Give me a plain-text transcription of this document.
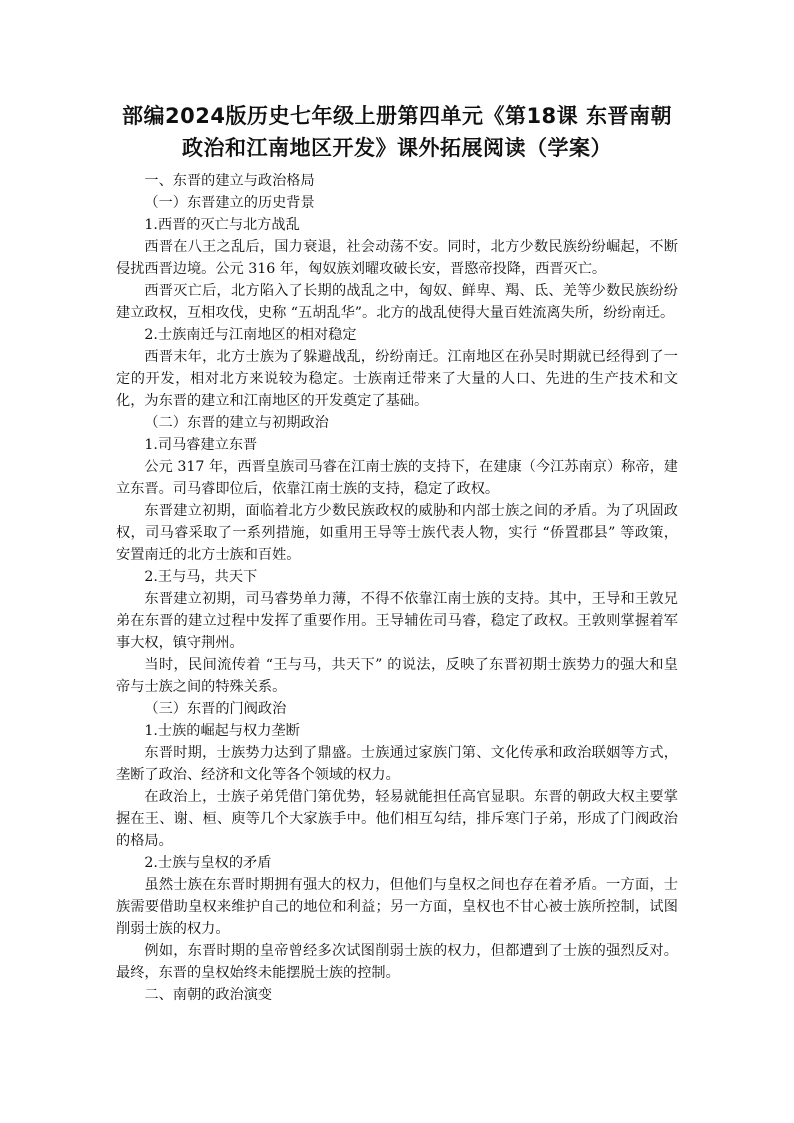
部编2024版历史七年级上册第四单元《第18课 东晋南朝政治和江南地区开发》课外拓展阅读（学案）
一、东晋的建立与政治格局
（一）东晋建立的历史背景
1.西晋的灭亡与北方战乱

西晋在八王之乱后，国力衰退，社会动荡不安。同时，北方少数民族纷纷崛起，不断侵扰西晋边境。公元 316 年，匈奴族刘曜攻破长安，晋愍帝投降，西晋灭亡。

西晋灭亡后，北方陷入了长期的战乱之中，匈奴、鲜卑、羯、氐、羌等少数民族纷纷建立政权，互相攻伐，史称 “五胡乱华”。北方的战乱使得大量百姓流离失所，纷纷南迁。

2.士族南迁与江南地区的相对稳定

西晋末年，北方士族为了躲避战乱，纷纷南迁。江南地区在孙吴时期就已经得到了一定的开发，相对北方来说较为稳定。士族南迁带来了大量的人口、先进的生产技术和文化，为东晋的建立和江南地区的开发奠定了基础。

（二）东晋的建立与初期政治
1.司马睿建立东晋

公元 317 年，西晋皇族司马睿在江南士族的支持下，在建康（今江苏南京）称帝，建立东晋。司马睿即位后，依靠江南士族的支持，稳定了政权。

东晋建立初期，面临着北方少数民族政权的威胁和内部士族之间的矛盾。为了巩固政权，司马睿采取了一系列措施，如重用王导等士族代表人物，实行 “侨置郡县” 等政策，安置南迁的北方士族和百姓。

2.王与马，共天下

东晋建立初期，司马睿势单力薄，不得不依靠江南士族的支持。其中，王导和王敦兄弟在东晋的建立过程中发挥了重要作用。王导辅佐司马睿，稳定了政权。王敦则掌握着军事大权，镇守荆州。

当时，民间流传着 “王与马，共天下” 的说法，反映了东晋初期士族势力的强大和皇帝与士族之间的特殊关系。

（三）东晋的门阀政治
1.士族的崛起与权力垄断

东晋时期，士族势力达到了鼎盛。士族通过家族门第、文化传承和政治联姻等方式，垄断了政治、经济和文化等各个领域的权力。

在政治上，士族子弟凭借门第优势，轻易就能担任高官显职。东晋的朝政大权主要掌握在王、谢、桓、庾等几个大家族手中。他们相互勾结，排斥寒门子弟，形成了门阀政治的格局。

2.士族与皇权的矛盾

虽然士族在东晋时期拥有强大的权力，但他们与皇权之间也存在着矛盾。一方面，士族需要借助皇权来维护自己的地位和利益；另一方面，皇权也不甘心被士族所控制，试图削弱士族的权力。

例如，东晋时期的皇帝曾经多次试图削弱士族的权力，但都遭到了士族的强烈反对。最终，东晋的皇权始终未能摆脱士族的控制。

二、南朝的政治演变
